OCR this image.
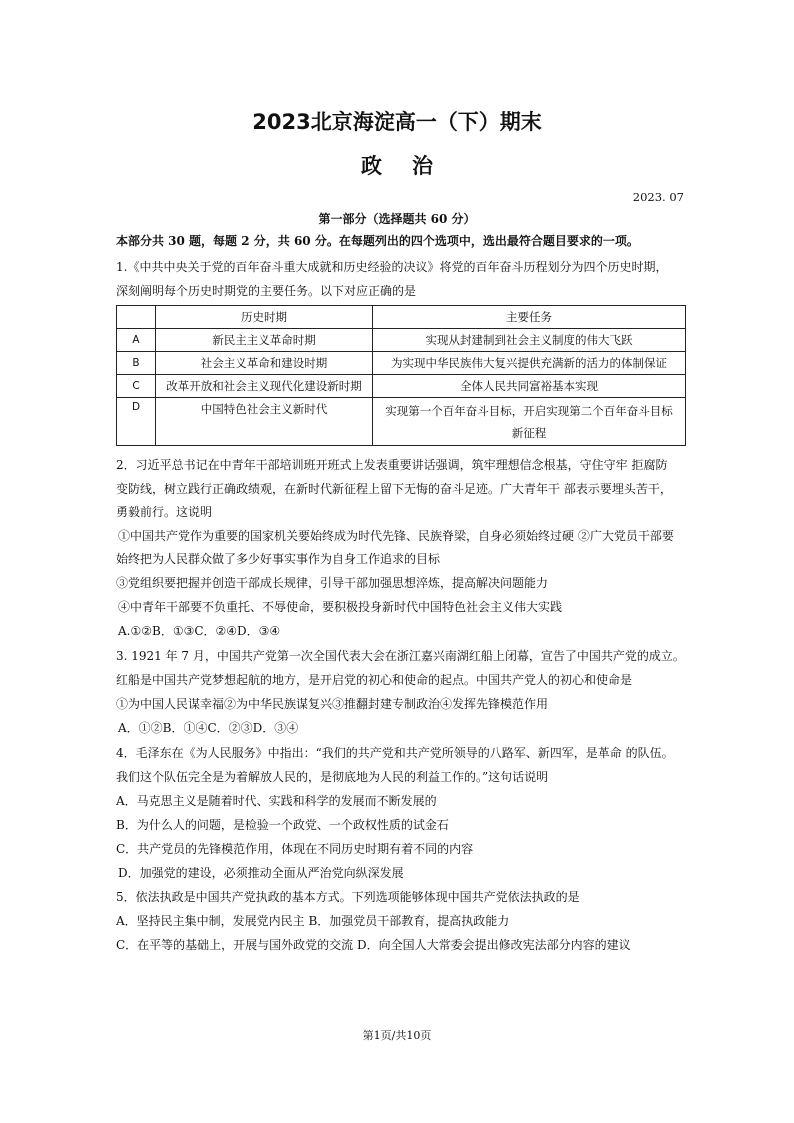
2023北京海淀高一（下）期末
政治
2023. 07
第一部分（选择题共 60 分）
本部分共 30 题，每题 2 分，共 60 分。在每题列出的四个选项中，选出最符合题目要求的一项。
1.《中共中央关于党的百年奋斗重大成就和历史经验的决议》将党的百年奋斗历程划分为四个历史时期，
深刻阐明每个历史时期党的主要任务。以下对应正确的是
	历史时期	主要任务
A	新民主主义革命时期	实现从封建制到社会主义制度的伟大飞跃
B	社会主义革命和建设时期	为实现中华民族伟大复兴提供充满新的活力的体制保证
C	改革开放和社会主义现代化建设新时期	全体人民共同富裕基本实现
D	中国特色社会主义新时代	实现第一个百年奋斗目标，开启实现第二个百年奋斗目标
新征程
2．习近平总书记在中青年干部培训班开班式上发表重要讲话强调，筑牢理想信念根基，守住守牢 拒腐防
变防线，树立践行正确政绩观，在新时代新征程上留下无悔的奋斗足迹。广大青年干 部表示要埋头苦干，
勇毅前行。这说明
①中国共产党作为重要的国家机关要始终成为时代先锋、民族脊梁，自身必须始终过硬 ②广大党员干部要
始终把为人民群众做了多少好事实事作为自身工作追求的目标
③党组织要把握并创造干部成长规律，引导干部加强思想淬炼，提高解决问题能力
④中青年干部要不负重托、不辱使命，要积极投身新时代中国特色社会主义伟大实践
A.①②B．①③C．②④D．③④
3. 1921 年 7 月，中国共产党第一次全国代表大会在浙江嘉兴南湖红船上闭幕，宣告了中国共产党的成立。
红船是中国共产党梦想起航的地方，是开启党的初心和使命的起点。中国共产党人的初心和使命是
①为中国人民谋幸福②为中华民族谋复兴③推翻封建专制政治④发挥先锋模范作用
A．①②B．①④C．②③D．③④
4．毛泽东在《为人民服务》中指出：“我们的共产党和共产党所领导的八路军、新四军，是革命 的队伍。
我们这个队伍完全是为着解放人民的，是彻底地为人民的利益工作的。”这句话说明
A．马克思主义是随着时代、实践和科学的发展而不断发展的
B．为什么人的问题，是检验一个政党、一个政权性质的试金石
C．共产党员的先锋模范作用，体现在不同历史时期有着不同的内容
D．加强党的建设，必须推动全面从严治党向纵深发展
5．依法执政是中国共产党执政的基本方式。下列选项能够体现中国共产党依法执政的是
A．坚持民主集中制，发展党内民主 B．加强党员干部教育，提高执政能力
C．在平等的基础上，开展与国外政党的交流 D．向全国人大常委会提出修改宪法部分内容的建议
第1页/共10页
